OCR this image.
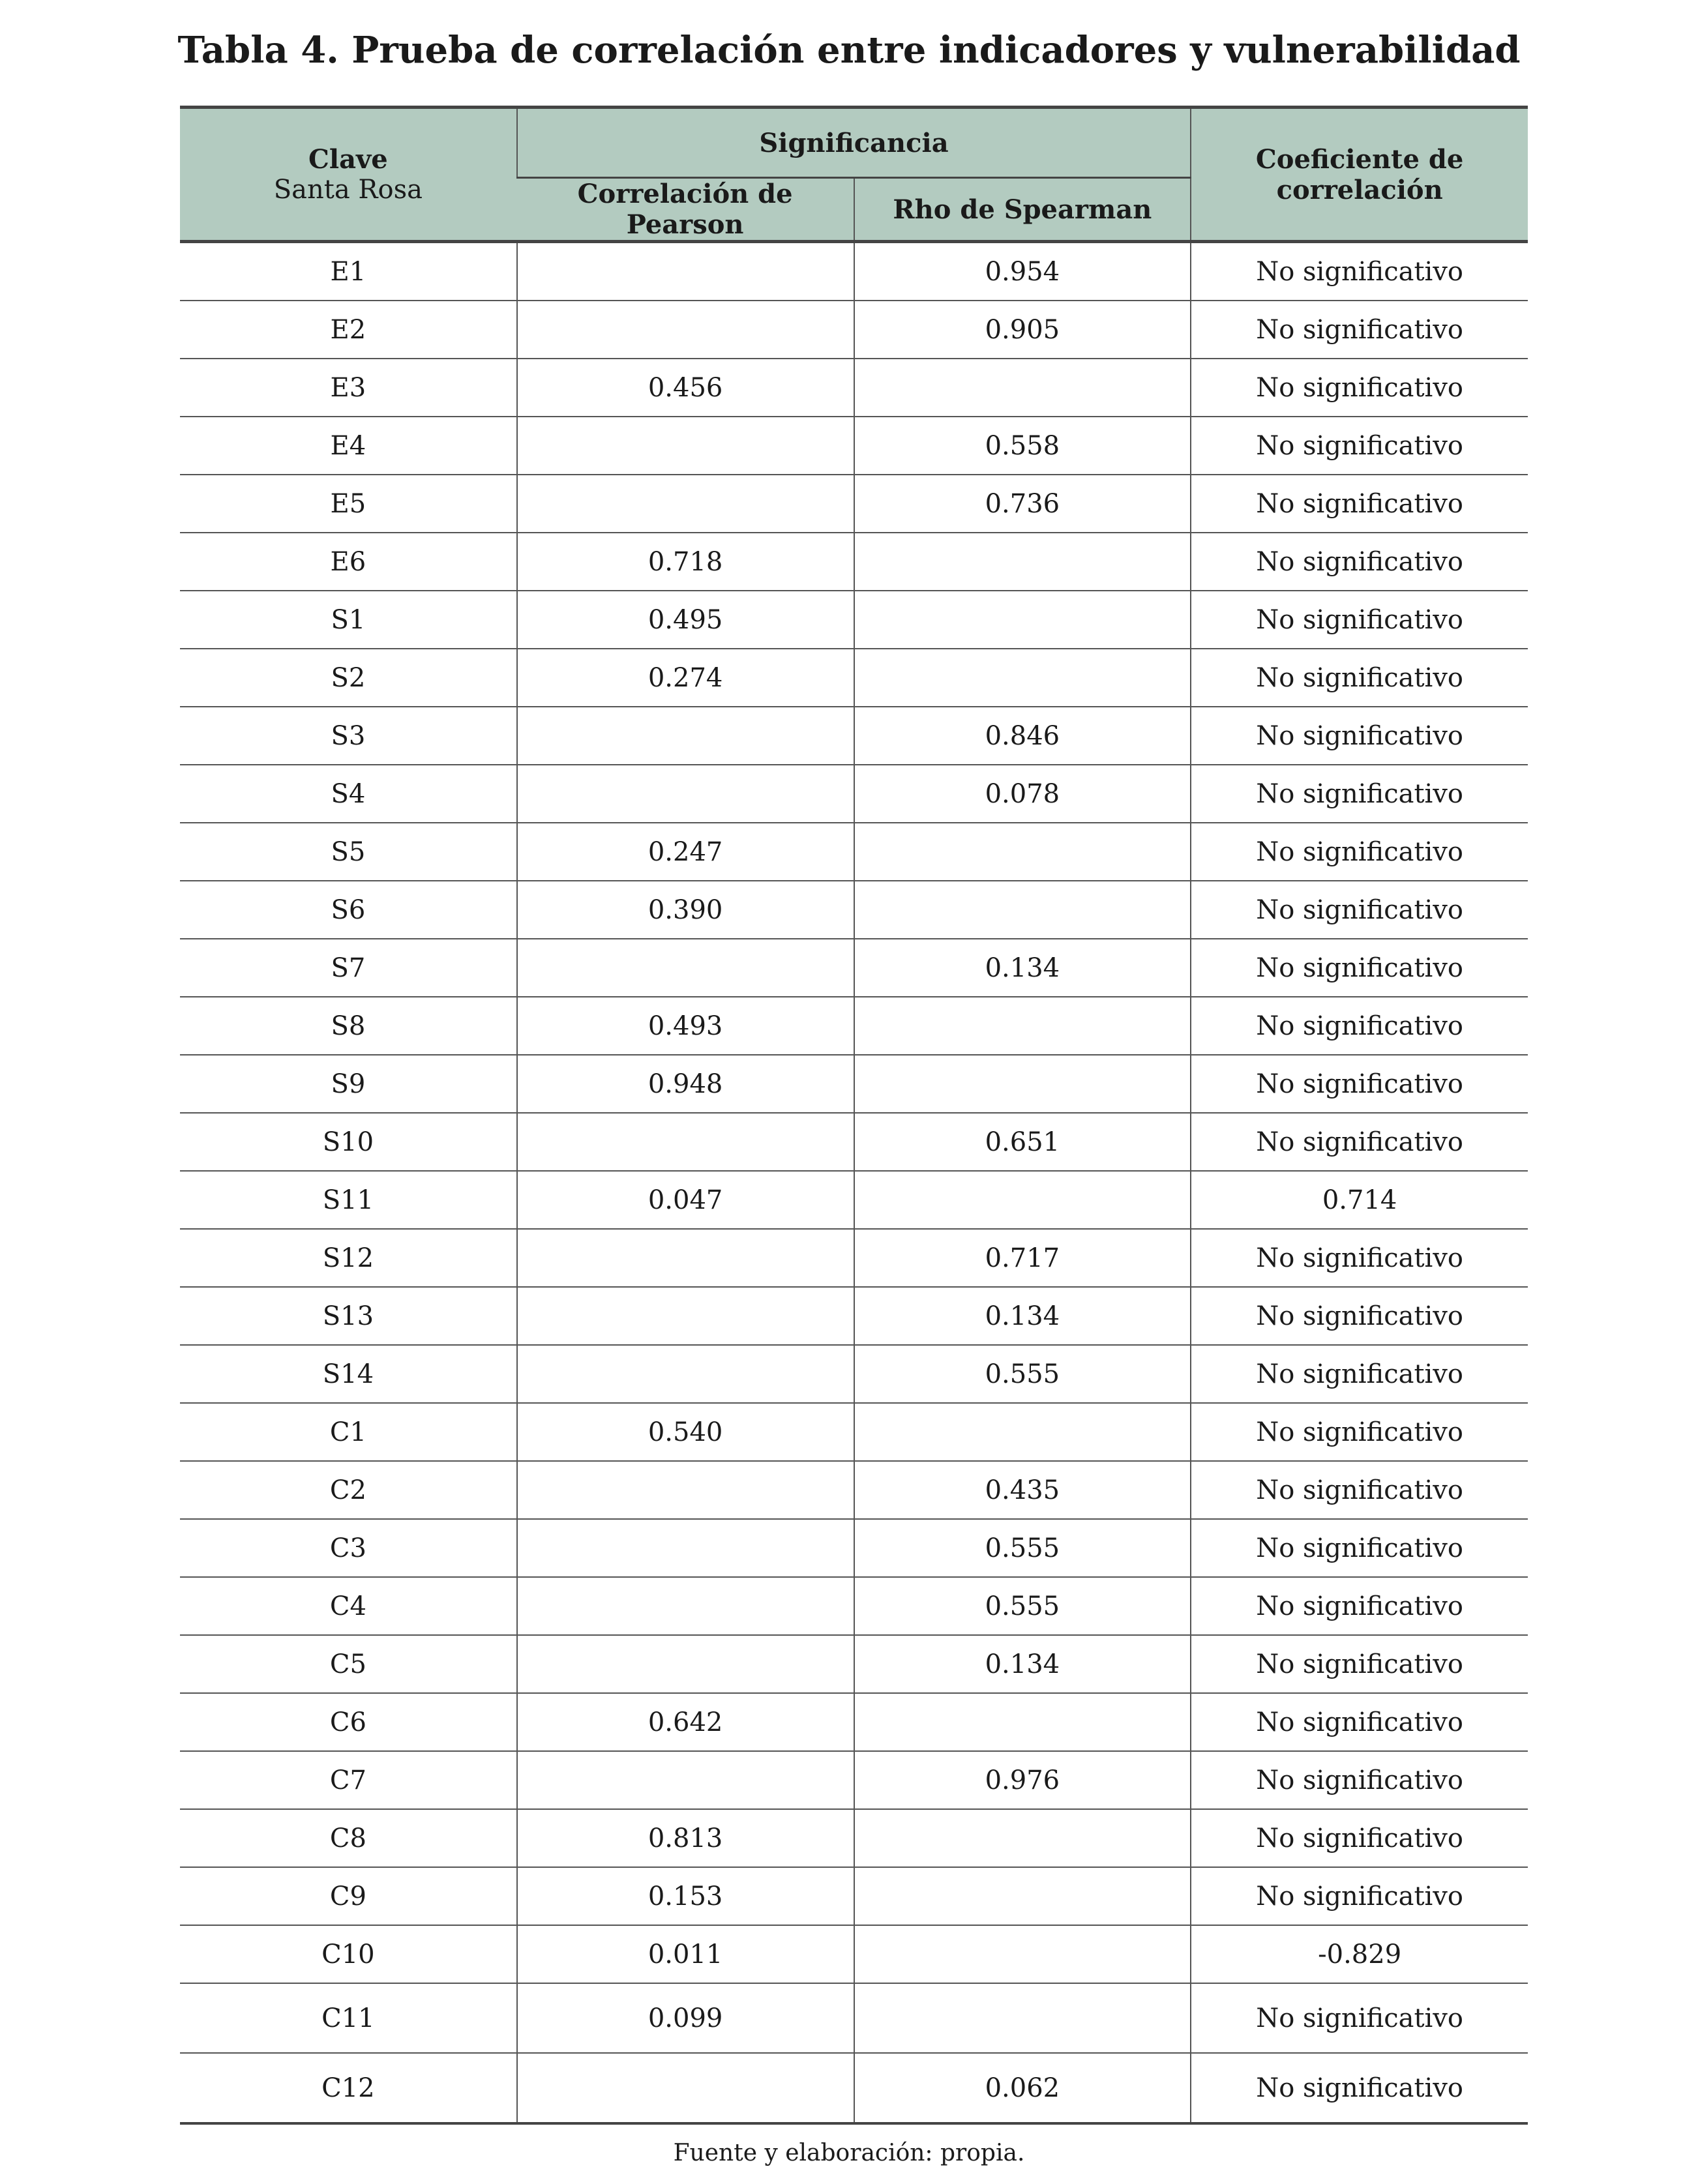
Tabla 4. Prueba de correlación entre indicadores y vulnerabilidad
Clave
Santa Rosa	Significancia		Coeficiente de
correlación
	Correlación de Pearson	Rho de Spearman	
E1		0.954	No significativo
E2		0.905	No significativo
E3	0.456		No significativo
E4		0.558	No significativo
E5		0.736	No significativo
E6	0.718		No significativo
S1	0.495		No significativo
S2	0.274		No significativo
S3		0.846	No significativo
S4		0.078	No significativo
S5	0.247		No significativo
S6	0.390		No significativo
S7		0.134	No significativo
S8	0.493		No significativo
S9	0.948		No significativo
S10		0.651	No significativo
S11	0.047		0.714
S12		0.717	No significativo
S13		0.134	No significativo
S14		0.555	No significativo
C1	0.540		No significativo
C2		0.435	No significativo
C3		0.555	No significativo
C4		0.555	No significativo
C5		0.134	No significativo
C6	0.642		No significativo
C7		0.976	No significativo
C8	0.813		No significativo
C9	0.153		No significativo
C10	0.011		-0.829
C11	0.099		No significativo
C12		0.062	No significativo
Fuente y elaboración: propia.
